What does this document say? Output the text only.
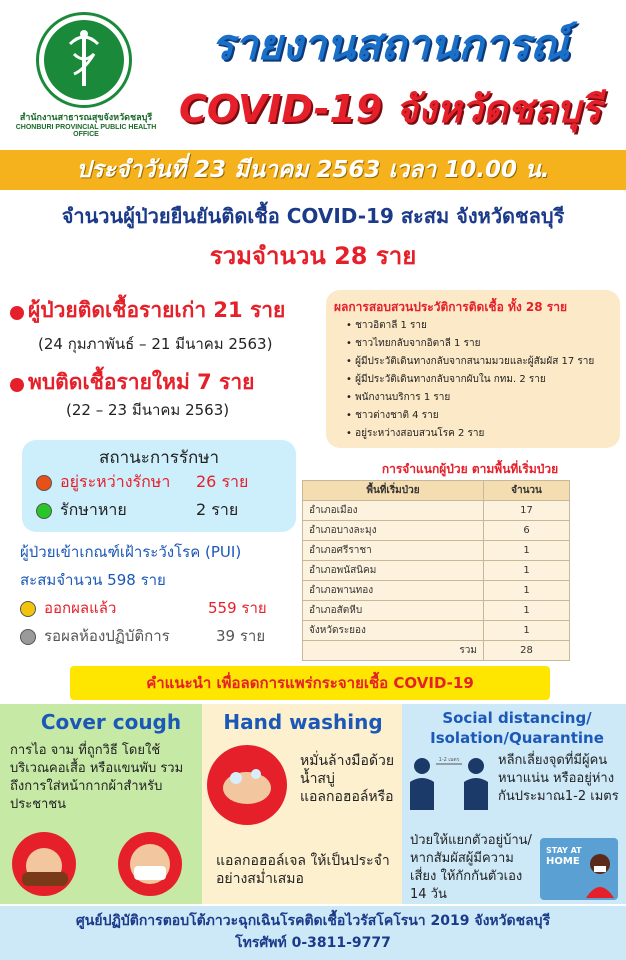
สำนักงานสาธารณสุขจังหวัดชลบุรี
CHONBURI PROVINCIAL PUBLIC HEALTH OFFICE
รายงานสถานการณ์
COVID-19 จังหวัดชลบุรี
ประจำวันที่ 23 มีนาคม 2563 เวลา 10.00 น.
จำนวนผู้ป่วยยืนยันติดเชื้อ COVID-19 สะสม จังหวัดชลบุรี
รวมจำนวน 28 ราย
ผู้ป่วยติดเชื้อรายเก่า 21 ราย
(24 กุมภาพันธ์ – 21 มีนาคม 2563)
พบติดเชื้อรายใหม่ 7 ราย
(22 – 23 มีนาคม 2563)
สถานะการรักษา
อยู่ระหว่างรักษา 26 ราย
รักษาหาย	2 ราย
ผู้ป่วยเข้าเกณฑ์เฝ้าระวังโรค (PUI)
สะสมจำนวน 598 ราย
ออกผลแล้ว	559 ราย
รอผลห้องปฏิบัติการ	39 ราย
ผลการสอบสวนประวัติการติดเชื้อ ทั้ง 28 ราย
• ชาวอิตาลี 1 ราย
• ชาวไทยกลับจากอิตาลี 1 ราย
• ผู้มีประวัติเดินทางกลับจากสนามมวยและผู้สัมผัส 17 ราย
• ผู้มีประวัติเดินทางกลับจากผับใน กทม. 2 ราย
• พนักงานบริการ 1 ราย
• ชาวต่างชาติ 4 ราย
• อยู่ระหว่างสอบสวนโรค 2 ราย
การจำแนกผู้ป่วย ตามพื้นที่เริ่มป่วย
พื้นที่เริ่มป่วย	จำนวน
อำเภอเมือง	17
อำเภอบางละมุง	6
อำเภอศรีราชา	1
อำเภอพนัสนิคม	1
อำเภอพานทอง	1
อำเภอสัตหีบ	1
จังหวัดระยอง	1
รวม	28
คำแนะนำ เพื่อลดการแพร่กระจายเชื้อ COVID-19
Cover cough
การไอ จาม ที่ถูกวิธี โดยใช้บริเวณคอเสื้อ หรือแขนพับ รวมถึงการใส่หน้ากากผ้าสำหรับประชาชน
Hand washing
หมั่นล้างมือด้วยน้ำสบู่ แอลกอฮอล์หรือ
แอลกอฮอล์เจล ให้เป็นประจำอย่างสม่ำเสมอ
Social distancing/ Isolation/Quarantine
1-2 เมตร	หลีกเลี่ยงจุดที่มีผู้คนหนาแน่น หรืออยู่ห่างกันประมาณ1-2 เมตร
ป่วยให้แยกตัวอยู่บ้าน/หากสัมผัสผู้มีความเสี่ยง ให้กักกันตัวเอง 14 วัน
STAY AT
HOME
ศูนย์ปฏิบัติการตอบโต้ภาวะฉุกเฉินโรคติดเชื้อไวรัสโคโรนา 2019 จังหวัดชลบุรี
โทรศัพท์ 0-3811-9777
